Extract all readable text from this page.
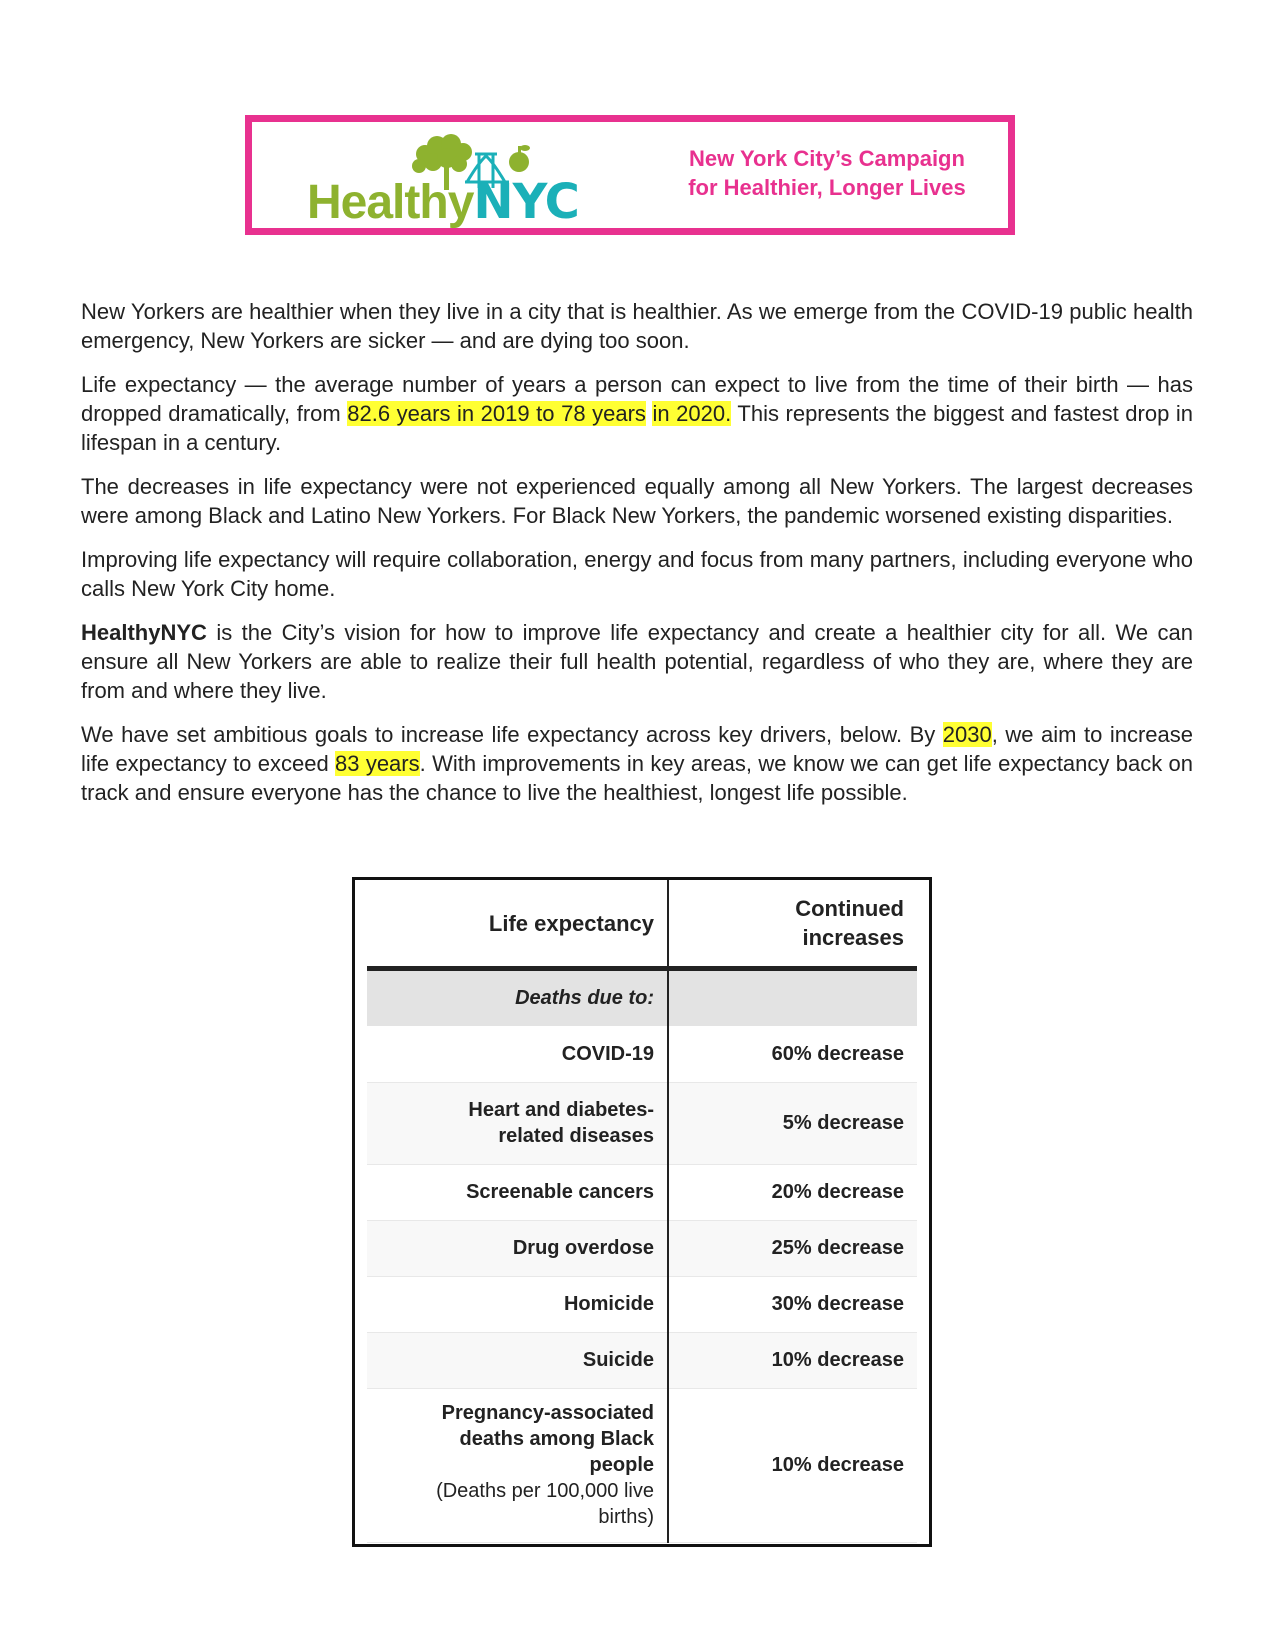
HealthyNYC
New York City’s Campaign
for Healthier, Longer Lives

New Yorkers are healthier when they live in a city that is healthier. As we emerge from the COVID-19 public health emergency, New Yorkers are sicker — and are dying too soon.

Life expectancy — the average number of years a person can expect to live from the time of their birth — has dropped dramatically, from 82.6 years in 2019 to 78 years in 2020. This represents the biggest and fastest drop in lifespan in a century.

The decreases in life expectancy were not experienced equally among all New Yorkers. The largest decreases were among Black and Latino New Yorkers. For Black New Yorkers, the pandemic worsened existing disparities.

Improving life expectancy will require collaboration, energy and focus from many partners, including everyone who calls New York City home.

HealthyNYC is the City’s vision for how to improve life expectancy and create a healthier city for all. We can ensure all New Yorkers are able to realize their full health potential, regardless of who they are, where they are from and where they live.

We have set ambitious goals to increase life expectancy across key drivers, below. By 2030, we aim to increase life expectancy to exceed 83 years. With improvements in key areas, we know we can get life expectancy back on track and ensure everyone has the chance to live the healthiest, longest life possible.

Life expectancy	Continued
increases

Deaths due to:	
COVID-19	60% decrease

Heart and diabetes-
related diseases	5% decrease
Screenable cancers	20% decrease
Drug overdose	25% decrease
Homicide	30% decrease
Suicide	10% decrease

Pregnancy-associated
deaths among Black
people
(Deaths per 100,000 live
births)	10% decrease
